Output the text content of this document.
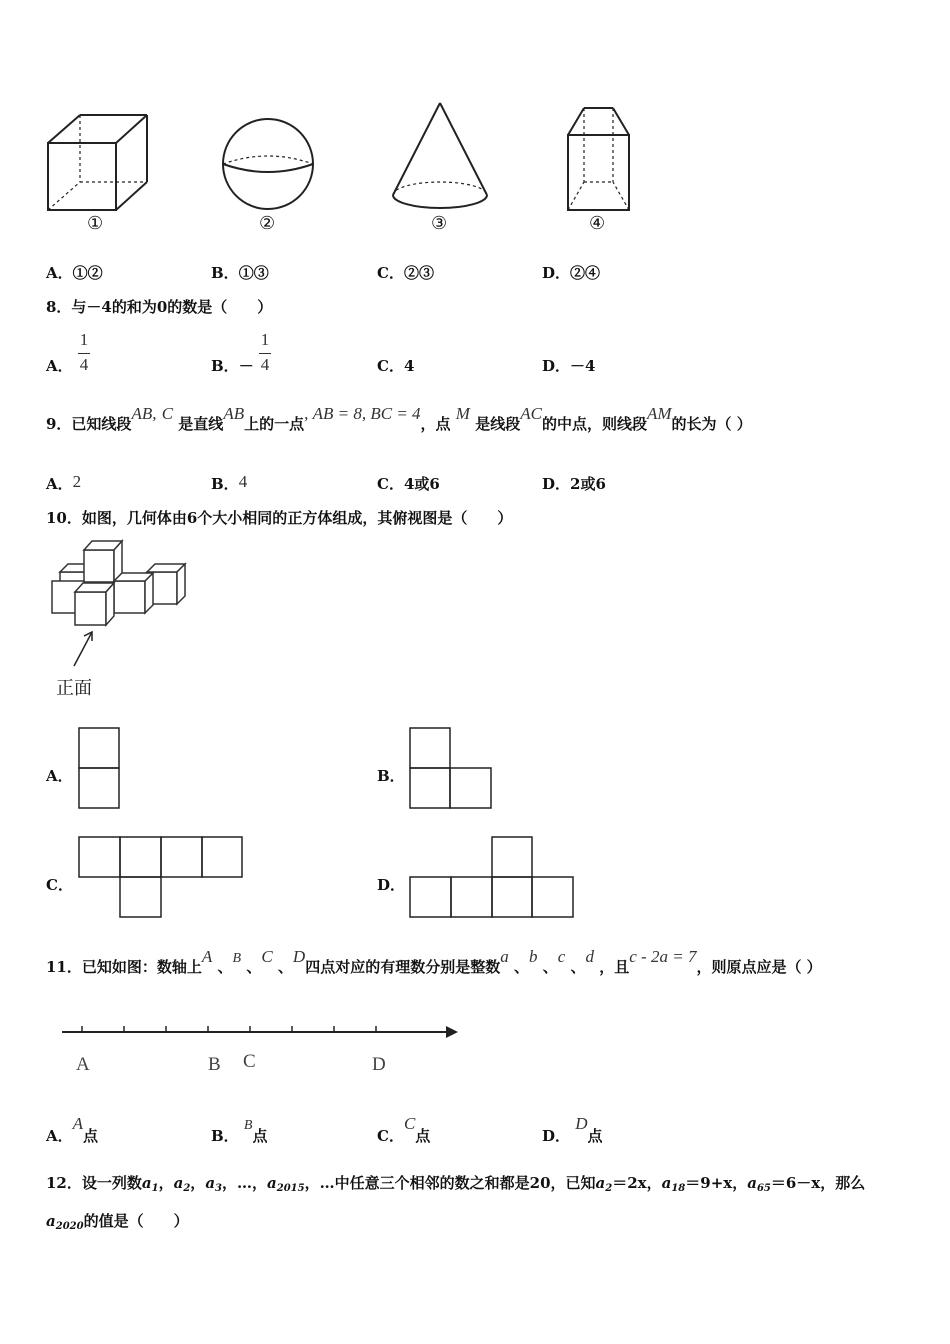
①	②	③	④
A．①②	B．①③	C．②③	D．②④
8．与－4的和为0的数是（　　）
A．
1
4	B．－
1
4	C．4	D．－4
9．已知线段AB, C 是直线AB上的一点, AB = 8, BC = 4，点 M 是线段AC的中点，则线段AM的长为（ ）
A．2	B．4	C．4或6	D．2或6
10．如图，几何体由6个大小相同的正方体组成，其俯视图是（　　）
正面
A．	B．
C．	D．
11．已知如图：数轴上A 、B 、C 、D四点对应的有理数分别是整数a 、b 、c 、d ，且c - 2a = 7，则原点应是（ ）
A	B C	D
A．A点	B． B点	C．C点	D． D点
12．设一列数$a_1$，$a_2$，$a_3$，…，$a_{2015}$，…中任意三个相邻的数之和都是20，已知$a_2=2x$，$a_{18}=9+x$，$a_{65}=6-x$，那么
$a_{2020}$的值是（　　）
